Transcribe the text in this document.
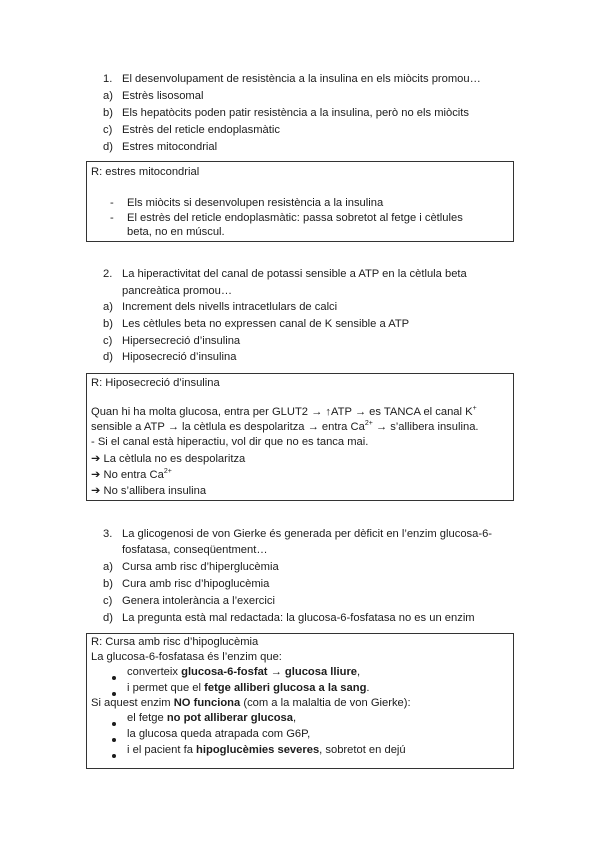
1. El desenvolupament de resistència a la insulina en els miòcits promou…
a) Estrès lisosomal
b) Els hepatòcits poden patir resistència a la insulina, però no els miòcits
c) Estrès del reticle endoplasmàtic
d) Estres mitocondrial
R: estres mitocondrial
- Els miòcits si desenvolupen resistència a la insulina
- El estrès del reticle endoplasmàtic: passa sobretot al fetge i cètlules
beta, no en múscul.
2. La hiperactivitat del canal de potassi sensible a ATP en la cètlula beta
pancreàtica promou…
a) Increment dels nivells intracetlulars de calci
b) Les cètlules beta no expressen canal de K sensible a ATP
c) Hipersecreció d’insulina
d) Hiposecreció d’insulina
R: Hiposecreció d’insulina
Quan hi ha molta glucosa, entra per GLUT2 → ↑ATP → es TANCA el canal K+
sensible a ATP → la cètlula es despolaritza → entra $Ca^{2+}$ → s’allibera insulina.
- Si el canal està hiperactiu, vol dir que no es tanca mai.
➔ La cètlula no es despolaritza
➔ No entra $Ca^{2+}$
➔ No s’allibera insulina
3. La glicogenosi de von Gierke és generada per dèficit en l’enzim glucosa-6-
fosfatasa, conseqüentment…
a) Cursa amb risc d’hiperglucèmia
b) Cura amb risc d’hipoglucèmia
c) Genera intolerància a l’exercici
d) La pregunta està mal redactada: la glucosa-6-fosfatasa no es un enzim
R: Cursa amb risc d’hipoglucèmia
La glucosa-6-fosfatasa és l’enzim que:
converteix glucosa-6-fosfat → glucosa lliure,
i permet que el fetge alliberi glucosa a la sang.
Si aquest enzim NO funciona (com a la malaltia de von Gierke):
el fetge no pot alliberar glucosa,
la glucosa queda atrapada com G6P,
i el pacient fa hipoglucèmies severes, sobretot en dejú
